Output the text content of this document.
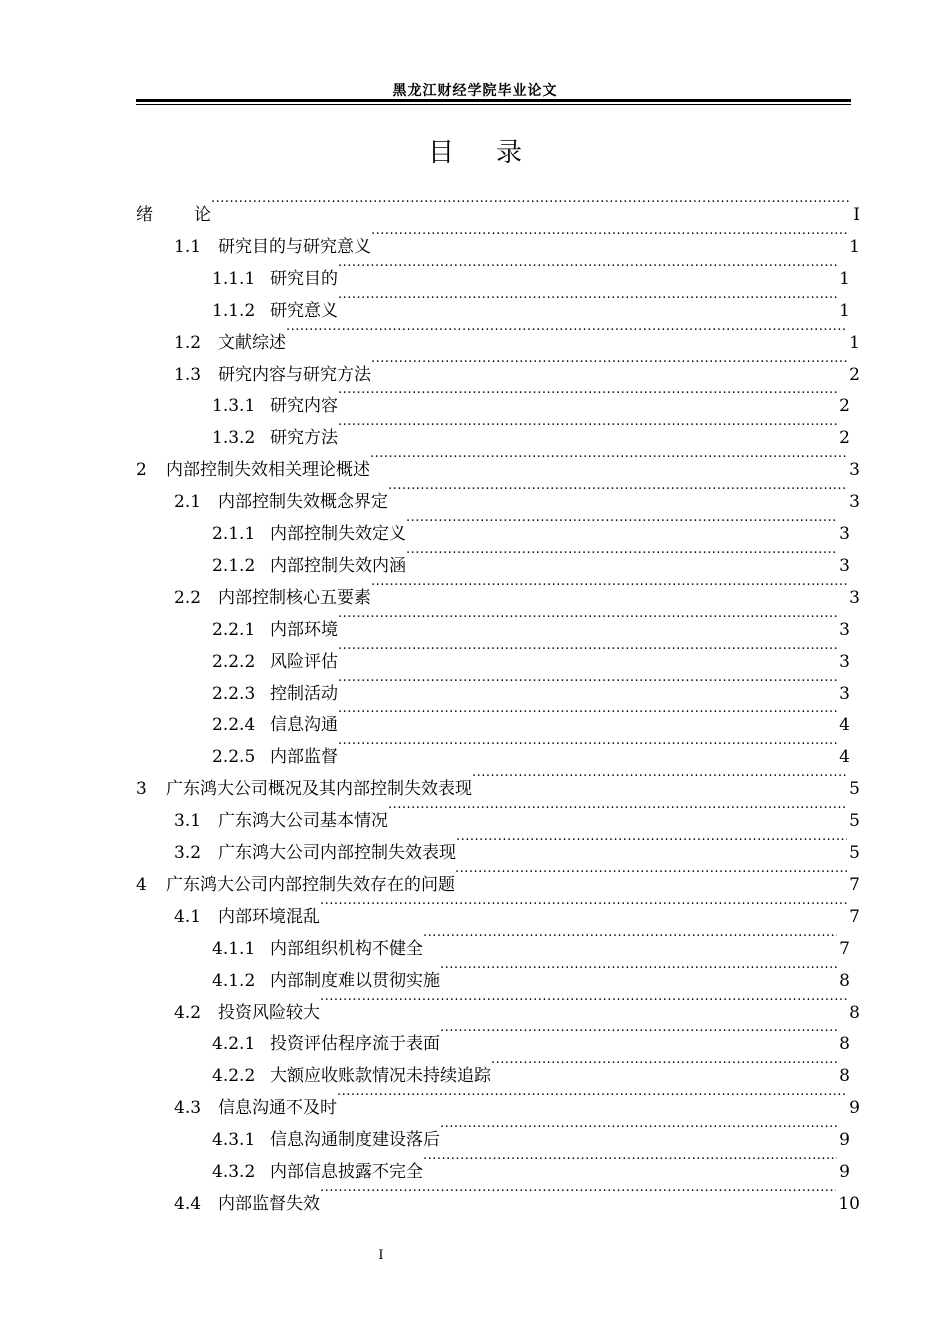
黑龙江财经学院毕业论文
目录
绪	论 .....	I
1.1 研究目的与研究意义 .....	1
1.1.1 研究目的 .....	1
1.1.2 研究意义 .....	1
1.2 文献综述 .....	1
1.3 研究内容与研究方法 .....	2
1.3.1 研究内容 .....	2
1.3.2 研究方法 .....	2
2	内部控制失效相关理论概述 .....	3
2.1 内部控制失效概念界定 .....	3
2.1.1 内部控制失效定义 .....	3
2.1.2 内部控制失效内涵 .....	3
2.2 内部控制核心五要素 .....	3
2.2.1 内部环境 .....	3
2.2.2 风险评估 .....	3
2.2.3 控制活动 .....	3
2.2.4 信息沟通 .....	4
2.2.5 内部监督 .....	4
3	广东鸿大公司概况及其内部控制失效表现 .....	5
3.1 广东鸿大公司基本情况 .....	5
3.2 广东鸿大公司内部控制失效表现 .....	5
4	广东鸿大公司内部控制失效存在的问题 .....	7
4.1 内部环境混乱 .....	7
4.1.1 内部组织机构不健全 .....	7
4.1.2 内部制度难以贯彻实施 .....	8
4.2 投资风险较大 .....	8
4.2.1 投资评估程序流于表面 .....	8
4.2.2 大额应收账款情况未持续追踪 .....	8
4.3 信息沟通不及时 .....	9
4.3.1 信息沟通制度建设落后 .....	9
4.3.2 内部信息披露不完全 .....	9
4.4 内部监督失效 .....	10
I
